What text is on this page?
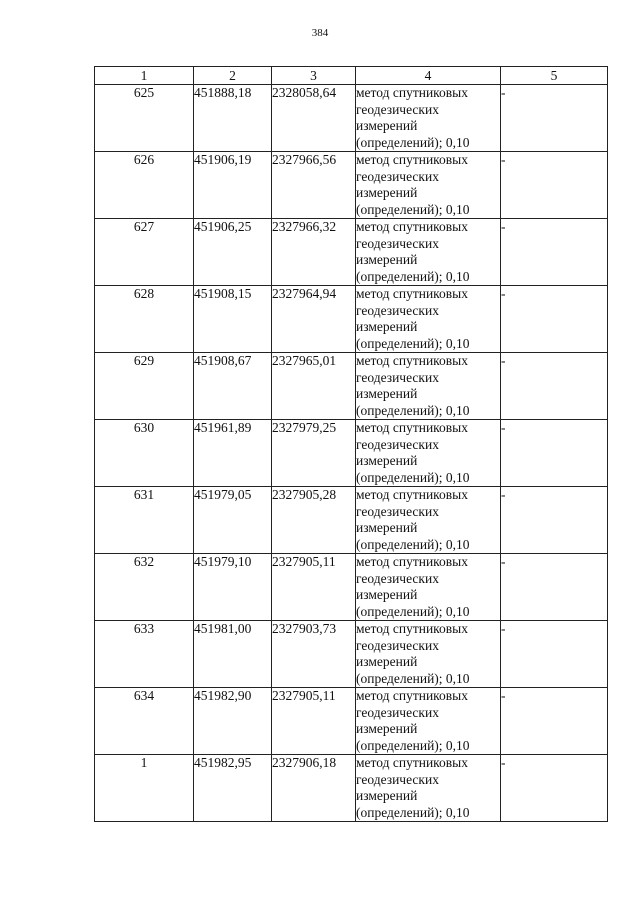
384
1	2	3	4	5
625	451888,18	2328058,64	метод спутниковых
геодезических
измерений
(определений); 0,10	-
626	451906,19	2327966,56	метод спутниковых
геодезических
измерений
(определений); 0,10	-
627	451906,25	2327966,32	метод спутниковых
геодезических
измерений
(определений); 0,10	-
628	451908,15	2327964,94	метод спутниковых
геодезических
измерений
(определений); 0,10	-
629	451908,67	2327965,01	метод спутниковых
геодезических
измерений
(определений); 0,10	-
630	451961,89	2327979,25	метод спутниковых
геодезических
измерений
(определений); 0,10	-
631	451979,05	2327905,28	метод спутниковых
геодезических
измерений
(определений); 0,10	-
632	451979,10	2327905,11	метод спутниковых
геодезических
измерений
(определений); 0,10	-
633	451981,00	2327903,73	метод спутниковых
геодезических
измерений
(определений); 0,10	-
634	451982,90	2327905,11	метод спутниковых
геодезических
измерений
(определений); 0,10	-
1	451982,95	2327906,18	метод спутниковых
геодезических
измерений
(определений); 0,10	-
